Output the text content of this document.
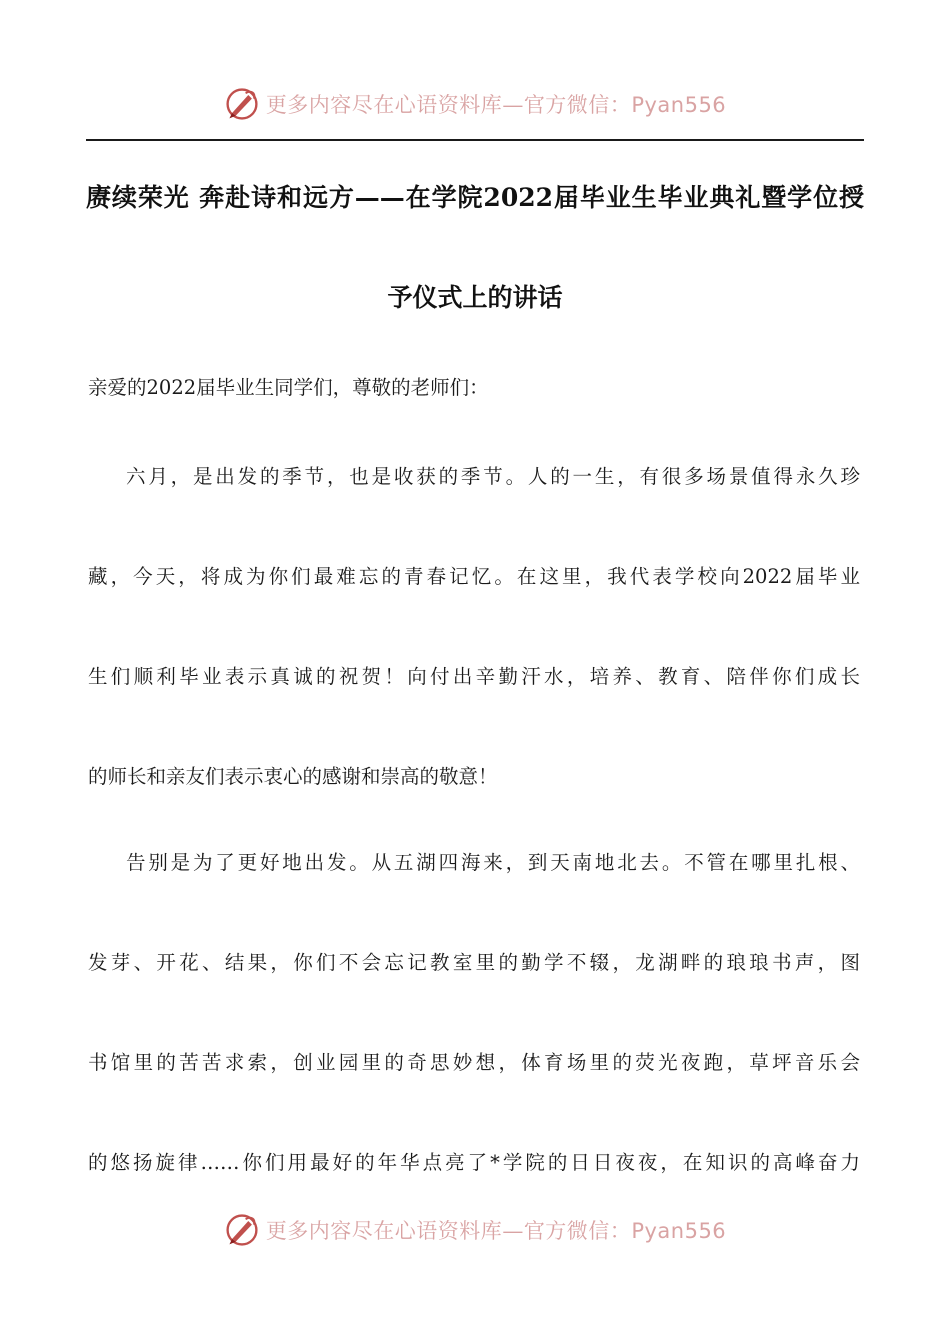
更多内容尽在心语资料库—官方微信：Pyan556
赓续荣光 奔赴诗和远方——在学院2022届毕业生毕业典礼暨学位授
予仪式上的讲话
亲爱的2022届毕业生同学们，尊敬的老师们：
六月，是出发的季节，也是收获的季节。人的一生，有很多场景值得永久珍
藏，今天，将成为你们最难忘的青春记忆。在这里，我代表学校向2022届毕业
生们顺利毕业表示真诚的祝贺！向付出辛勤汗水，培养、教育、陪伴你们成长
的师长和亲友们表示衷心的感谢和崇高的敬意！
告别是为了更好地出发。从五湖四海来，到天南地北去。不管在哪里扎根、
发芽、开花、结果，你们不会忘记教室里的勤学不辍，龙湖畔的琅琅书声，图
书馆里的苦苦求索，创业园里的奇思妙想，体育场里的荧光夜跑，草坪音乐会
的悠扬旋律……你们用最好的年华点亮了*学院的日日夜夜，在知识的高峰奋力
更多内容尽在心语资料库—官方微信：Pyan556
